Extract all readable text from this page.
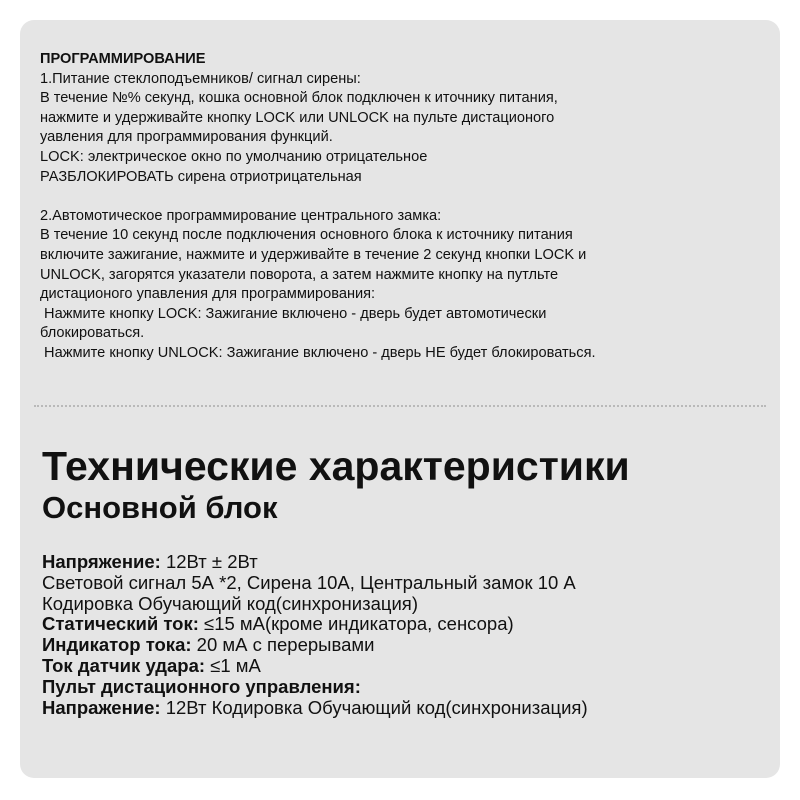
ПРОГРАММИРОВАНИЕ
1.Питание стеклоподъемников/ сигнал сирены:
В течение №% секунд, кошка основной блок подключен к иточнику питания,
нажмите и удерживайте кнопку LOCK или UNLOCK на пульте дистационого
уавления для программирования функций.
LOCK: электрическое окно по умолчанию отрицательное
РАЗБЛОКИРОВАТЬ сирена отриотрицательная
2.Автомотическое программирование центрального замка:
В течение 10 секунд после подключения основного блока к источнику питания
включите зажигание, нажмите и удерживайте в течение 2 секунд кнопки LOCK и
UNLOCK, загорятся указатели поворота, а затем нажмите кнопку на путльте
дистационого упавления для программирования:
Нажмите кнопку LOCK: Зажигание включено - дверь будет автомотически
блокироваться.
Нажмите кнопку UNLOCK: Зажигание включено - дверь НЕ будет блокироваться.
Технические характеристики
Основной блок
Напряжение: 12Вт ± 2Вт
Световой сигнал 5А *2, Сирена 10А, Центральный замок 10 А
Кодировка Обучающий код(синхронизация)
Статический ток: ≤15 мА(кроме индикатора, сенсора)
Индикатор тока: 20 мА с перерывами
Ток датчик удара: ≤1 мА
Пульт дистационного управления:
Напражение: 12Вт Кодировка Обучающий код(синхронизация)
